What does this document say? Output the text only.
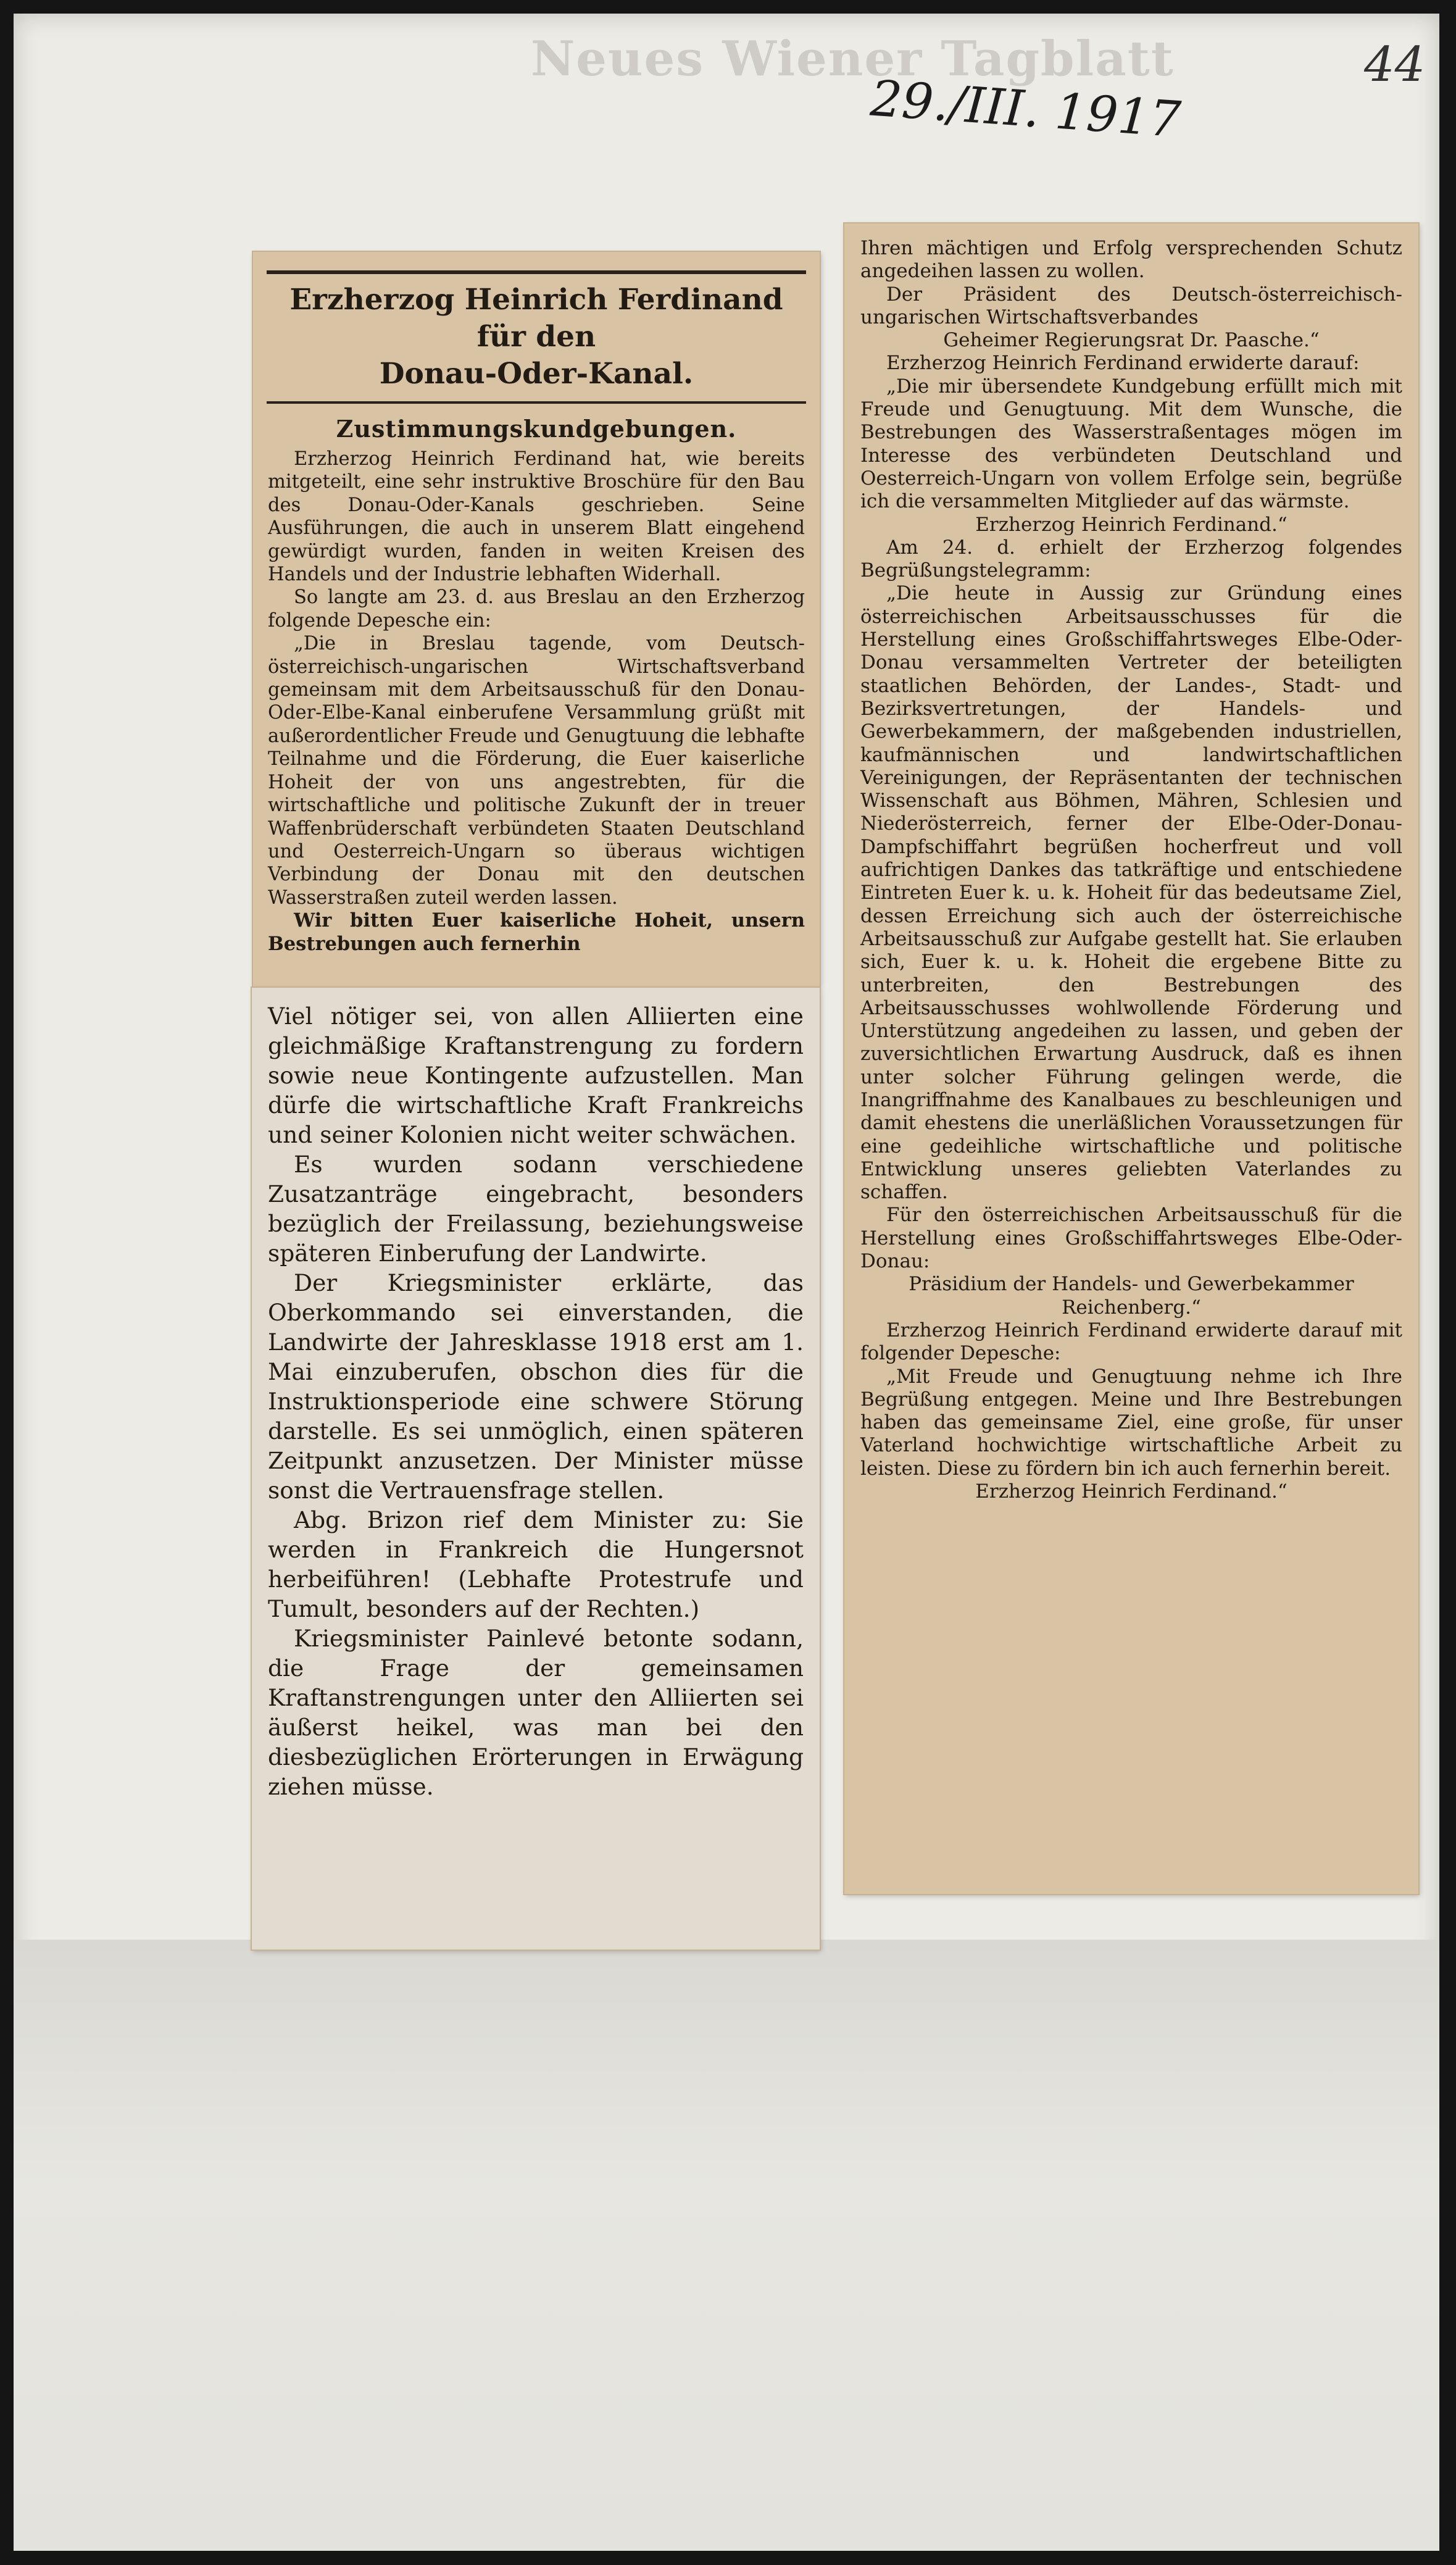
Neues Wiener Tagblatt
29./III. 1917
44
Erzherzog Heinrich Ferdinand für den
Donau-Oder-Kanal.
Zustimmungskundgebungen.

Erzherzog Heinrich Ferdinand hat, wie bereits mitgeteilt, eine sehr instruktive Broschüre für den Bau des Donau-Oder-Kanals geschrieben. Seine Ausführungen, die auch in unserem Blatt eingehend gewürdigt wurden, fanden in weiten Kreisen des Handels und der Industrie lebhaften Widerhall.

So langte am 23. d. aus Breslau an den Erzherzog folgende Depesche ein:

„Die in Breslau tagende, vom Deutsch-österreichisch-ungarischen Wirtschaftsverband gemeinsam mit dem Arbeitsausschuß für den Donau-Oder-Elbe-Kanal einberufene Versammlung grüßt mit außerordentlicher Freude und Genugtuung die lebhafte Teilnahme und die Förderung, die Euer kaiserliche Hoheit der von uns angestrebten, für die wirtschaftliche und politische Zukunft der in treuer Waffenbrüderschaft verbündeten Staaten Deutschland und Oesterreich-Ungarn so überaus wichtigen Verbindung der Donau mit den deutschen Wasserstraßen zuteil werden lassen.

Wir bitten Euer kaiserliche Hoheit, unsern Bestrebungen auch fernerhin

Viel nötiger sei, von allen Alliierten eine gleichmäßige Kraftanstrengung zu fordern sowie neue Kontingente aufzustellen. Man dürfe die wirtschaftliche Kraft Frankreichs und seiner Kolonien nicht weiter schwächen.

Es wurden sodann verschiedene Zusatzanträge eingebracht, besonders bezüglich der Freilassung, beziehungsweise späteren Einberufung der Landwirte.

Der Kriegsminister erklärte, das Oberkommando sei einverstanden, die Landwirte der Jahresklasse 1918 erst am 1. Mai einzuberufen, obschon dies für die Instruktionsperiode eine schwere Störung darstelle. Es sei unmöglich, einen späteren Zeitpunkt anzusetzen. Der Minister müsse sonst die Vertrauensfrage stellen.

Abg. Brizon rief dem Minister zu: Sie werden in Frankreich die Hungersnot herbeiführen! (Lebhafte Protestrufe und Tumult, besonders auf der Rechten.)

Kriegsminister Painlevé betonte sodann, die Frage der gemeinsamen Kraftanstrengungen unter den Alliierten sei äußerst heikel, was man bei den diesbezüglichen Erörterungen in Erwägung ziehen müsse.

Ihren mächtigen und Erfolg versprechenden Schutz angedeihen lassen zu wollen.

Der Präsident des Deutsch-österreichisch-ungarischen Wirtschaftsverbandes

Geheimer Regierungsrat Dr. Paasche.“

Erzherzog Heinrich Ferdinand erwiderte darauf:

„Die mir übersendete Kundgebung erfüllt mich mit Freude und Genugtuung. Mit dem Wunsche, die Bestrebungen des Wasserstraßentages mögen im Interesse des verbündeten Deutschland und Oesterreich-Ungarn von vollem Erfolge sein, begrüße ich die versammelten Mitglieder auf das wärmste.

Erzherzog Heinrich Ferdinand.“

Am 24. d. erhielt der Erzherzog folgendes Begrüßungstelegramm:

„Die heute in Aussig zur Gründung eines österreichischen Arbeitsausschusses für die Herstellung eines Großschiffahrtsweges Elbe-Oder-Donau versammelten Vertreter der beteiligten staatlichen Behörden, der Landes-, Stadt- und Bezirksvertretungen, der Handels- und Gewerbekammern, der maßgebenden industriellen, kaufmännischen und landwirtschaftlichen Vereinigungen, der Repräsentanten der technischen Wissenschaft aus Böhmen, Mähren, Schlesien und Niederösterreich, ferner der Elbe-Oder-Donau-Dampfschiffahrt begrüßen hocherfreut und voll aufrichtigen Dankes das tatkräftige und entschiedene Eintreten Euer k. u. k. Hoheit für das bedeutsame Ziel, dessen Erreichung sich auch der österreichische Arbeitsausschuß zur Aufgabe gestellt hat. Sie erlauben sich, Euer k. u. k. Hoheit die ergebene Bitte zu unterbreiten, den Bestrebungen des Arbeitsausschusses wohlwollende Förderung und Unterstützung angedeihen zu lassen, und geben der zuversichtlichen Erwartung Ausdruck, daß es ihnen unter solcher Führung gelingen werde, die Inangriffnahme des Kanalbaues zu beschleunigen und damit ehestens die unerläßlichen Voraussetzungen für eine gedeihliche wirtschaftliche und politische Entwicklung unseres geliebten Vaterlandes zu schaffen.

Für den österreichischen Arbeitsausschuß für die Herstellung eines Großschiffahrtsweges Elbe-Oder-Donau:

Präsidium der Handels- und Gewerbekammer Reichenberg.“

Erzherzog Heinrich Ferdinand erwiderte darauf mit folgender Depesche:

„Mit Freude und Genugtuung nehme ich Ihre Begrüßung entgegen. Meine und Ihre Bestrebungen haben das gemeinsame Ziel, eine große, für unser Vaterland hochwichtige wirtschaftliche Arbeit zu leisten. Diese zu fördern bin ich auch fernerhin bereit.

Erzherzog Heinrich Ferdinand.“
